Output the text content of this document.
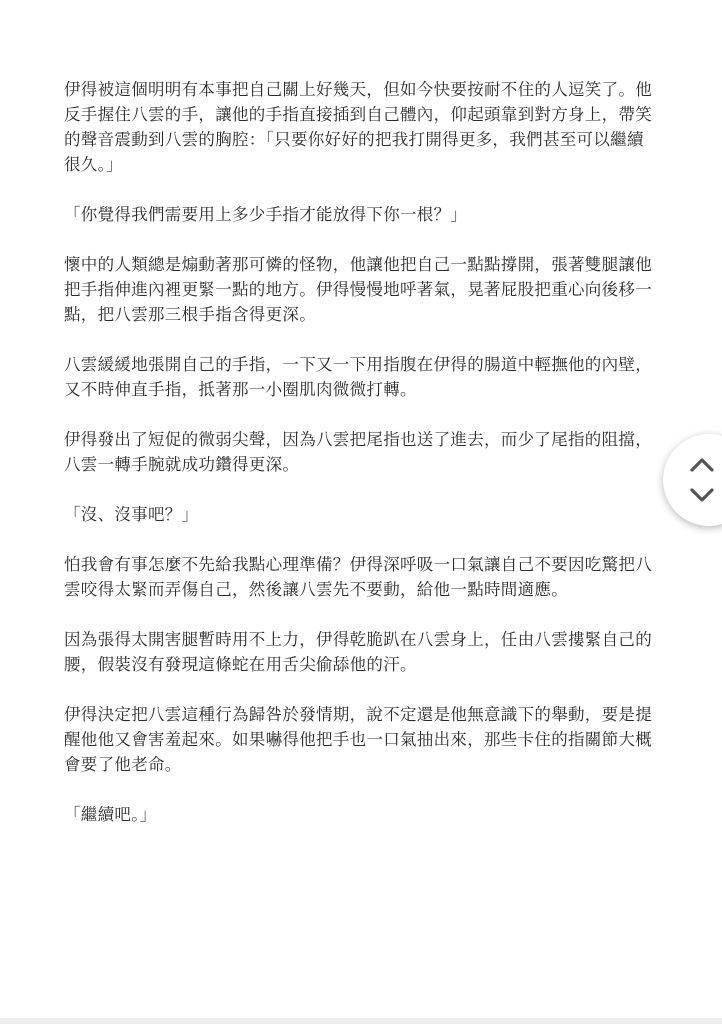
伊得被這個明明有本事把自己關上好幾天，但如今快要按耐不住的人逗笑了。他反手握住八雲的手，讓他的手指直接插到自己體內，仰起頭靠到對方身上，帶笑的聲音震動到八雲的胸腔：「只要你好好的把我打開得更多，我們甚至可以繼續很久。」

「你覺得我們需要用上多少手指才能放得下你一根？」

懷中的人類總是煽動著那可憐的怪物，他讓他把自己一點點撐開，張著雙腿讓他把手指伸進內裡更緊一點的地方。伊得慢慢地呼著氣，晃著屁股把重心向後移一點，把八雲那三根手指含得更深。

八雲緩緩地張開自己的手指，一下又一下用指腹在伊得的腸道中輕撫他的內壁，又不時伸直手指，抵著那一小圈肌肉微微打轉。

伊得發出了短促的微弱尖聲，因為八雲把尾指也送了進去，而少了尾指的阻擋，八雲一轉手腕就成功鑽得更深。

「沒、沒事吧？」

怕我會有事怎麼不先給我點心理準備？伊得深呼吸一口氣讓自己不要因吃驚把八雲咬得太緊而弄傷自己，然後讓八雲先不要動，給他一點時間適應。

因為張得太開害腿暫時用不上力，伊得乾脆趴在八雲身上，任由八雲摟緊自己的腰，假裝沒有發現這條蛇在用舌尖偷舔他的汗。

伊得決定把八雲這種行為歸咎於發情期，說不定還是他無意識下的舉動，要是提醒他他又會害羞起來。如果嚇得他把手也一口氣抽出來，那些卡住的指關節大概會要了他老命。

「繼續吧。」
